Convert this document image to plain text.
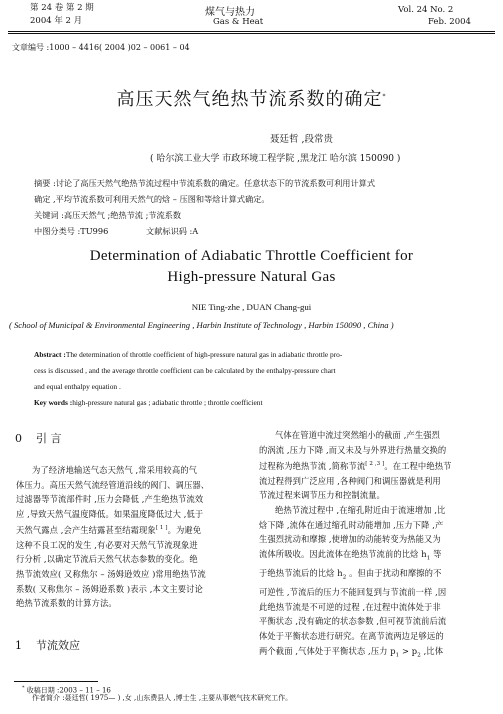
第 24 卷 第 2 期
2004 年 2 月
煤气与热力
Gas & Heat
Vol. 24 No. 2
Feb. 2004
文章编号 :1000 – 4416( 2004 )02 – 0061 – 04
高压天然气绝热节流系数的确定*
聂廷哲 ,段常贵
( 哈尔滨工业大学 市政环境工程学院 ,黑龙江 哈尔滨 150090 )
摘要 :讨论了高压天然气绝热节流过程中节流系数的确定。任意状态下的节流系数可利用计算式
确定 ,平均节流系数可利用天然气的焓 – 压图和等焓计算式确定。
关键词 :高压天然气 ;绝热节流 ;节流系数
中图分类号 :TU996	文献标识码 :A
Determination of Adiabatic Throttle Coefficient for
High-pressure Natural Gas
NIE Ting-zhe , DUAN Chang-gui
( School of Municipal & Environmental Engineering , Harbin Institute of Technology , Harbin 150090 , China )
Abstract :The determination of throttle coefficient of high-pressure natural gas in adiabatic throttle pro-
cess is discussed , and the average throttle coefficient can be calculated by the enthalpy-pressure chart
and equal enthalpy equation .
Key words :high-pressure natural gas ; adiabatic throttle ; throttle coefficient
0 引 言
为了经济地输送气态天然气 ,常采用较高的气
体压力。高压天然气流经管道沿线的阀门、调压器、
过滤器等节流部件时 ,压力会降低 ,产生绝热节流效
应 ,导致天然气温度降低。如果温度降低过大 ,低于
天然气露点 ,会产生结露甚至结霜现象[ 1 ]。为避免
这种不良工况的发生 ,有必要对天然气节流现象进
行分析 ,以确定节流后天然气状态参数的变化。绝
热节流效应( 又称焦尔 – 汤姆逊效应 )常用绝热节流
系数( 又称焦尔 – 汤姆逊系数 )表示 ,本文主要讨论
绝热节流系数的计算方法。
1 节流效应
气体在管道中流过突然缩小的截面 ,产生强烈
的涡流 ,压力下降 ,而又未及与外界进行热量交换的
过程称为绝热节流 ,简称节流[ 2 ,3 ]。在工程中绝热节
流过程得到广泛应用 ,各种阀门和调压器就是利用
节流过程来调节压力和控制流量。
绝热节流过程中 ,在缩孔附近由于流速增加 ,比
焓下降 ,流体在通过缩孔时动能增加 ,压力下降 ,产
生强烈扰动和摩擦 ,使增加的动能转变为热能又为
流体所吸收。因此流体在绝热节流前的比焓 $h_1$ 等
于绝热节流后的比焓 $h_2$ 。但由于扰动和摩擦的不
可逆性 ,节流后的压力不能回复到与节流前一样 ,因
此绝热节流是不可逆的过程 ,在过程中流体处于非
平衡状态 ,没有确定的状态参数 ,但可视节流前后流
体处于平衡状态进行研究。在离节流两边足够远的
两个截面 ,气体处于平衡状态 ,压力 $p_1 > p_2$ ,比体
* 收稿日期 :2003 – 11 – 16
作者简介 :聂廷哲( 1975— ) ,女 ,山东费县人 ,博士生 ,主要从事燃气技术研究工作。
